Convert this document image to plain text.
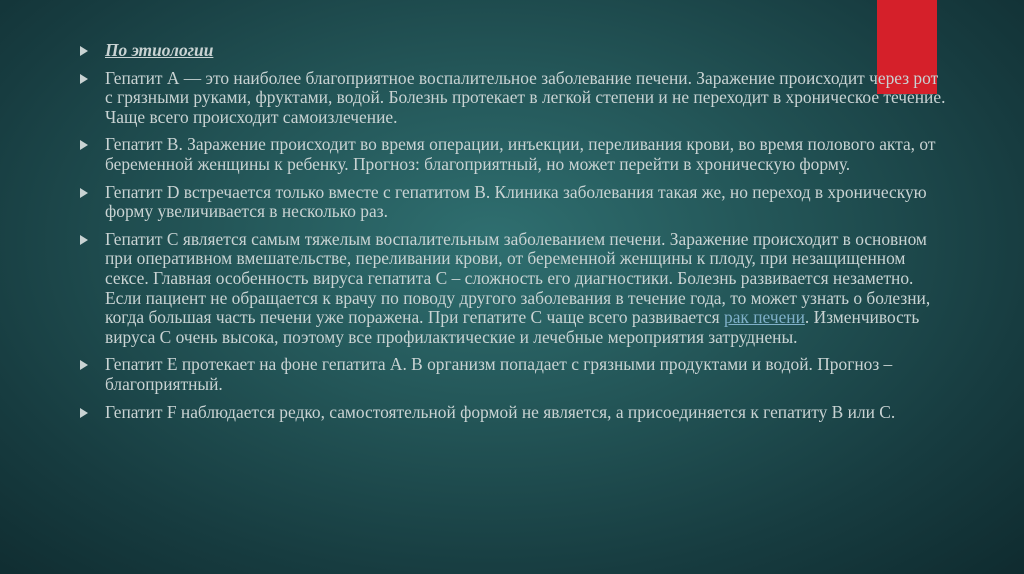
По этиологии
Гепатит А — это наиболее благоприятное воспалительное заболевание печени. Заражение происходит через рот с грязными руками, фруктами, водой. Болезнь протекает в легкой степени и не переходит в хроническое течение. Чаще всего происходит самоизлечение.
Гепатит В. Заражение происходит во время операции, инъекции, переливания крови, во время полового акта, от беременной женщины к ребенку. Прогноз: благоприятный, но может перейти в хроническую форму.
Гепатит D встречается только вместе с гепатитом В. Клиника заболевания такая же, но переход в хроническую форму увеличивается в несколько раз.
Гепатит С является самым тяжелым воспалительным заболеванием печени. Заражение происходит в основном при оперативном вмешательстве, переливании крови, от беременной женщины к плоду, при незащищенном сексе. Главная особенность вируса гепатита С – сложность его диагностики. Болезнь развивается незаметно. Если пациент не обращается к врачу по поводу другого заболевания в течение года, то может узнать о болезни, когда большая часть печени уже поражена. При гепатите С чаще всего развивается рак печени. Изменчивость вируса С очень высока, поэтому все профилактические и лечебные мероприятия затруднены.
Гепатит Е протекает на фоне гепатита А. В организм попадает с грязными продуктами и водой. Прогноз – благоприятный.
Гепатит F наблюдается редко, самостоятельной формой не является, а присоединяется к гепатиту В или С.
